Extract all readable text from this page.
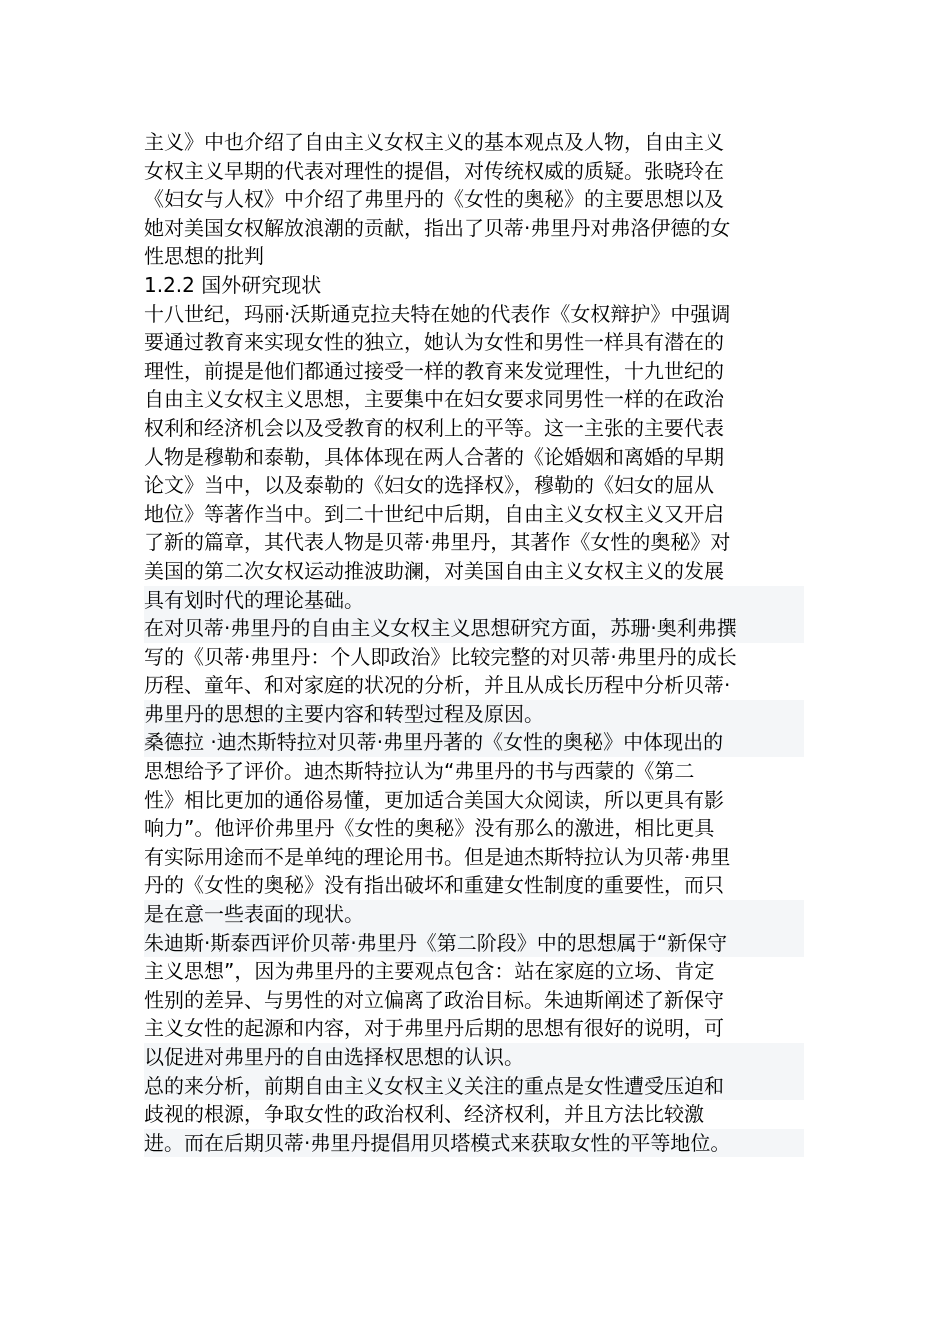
主义》中也介绍了自由主义女权主义的基本观点及人物，自由主义
女权主义早期的代表对理性的提倡，对传统权威的质疑。张晓玲在
《妇女与人权》中介绍了弗里丹的《女性的奥秘》的主要思想以及
她对美国女权解放浪潮的贡献，指出了贝蒂·弗里丹对弗洛伊德的女
性思想的批判
1.2.2 国外研究现状
十八世纪，玛丽·沃斯通克拉夫特在她的代表作《女权辩护》中强调
要通过教育来实现女性的独立，她认为女性和男性一样具有潜在的
理性，前提是他们都通过接受一样的教育来发觉理性，十九世纪的
自由主义女权主义思想，主要集中在妇女要求同男性一样的在政治
权利和经济机会以及受教育的权利上的平等。这一主张的主要代表
人物是穆勒和泰勒，具体体现在两人合著的《论婚姻和离婚的早期
论文》当中，以及泰勒的《妇女的选择权》，穆勒的《妇女的屈从
地位》等著作当中。到二十世纪中后期，自由主义女权主义又开启
了新的篇章，其代表人物是贝蒂·弗里丹，其著作《女性的奥秘》对
美国的第二次女权运动推波助澜，对美国自由主义女权主义的发展
具有划时代的理论基础。
在对贝蒂·弗里丹的自由主义女权主义思想研究方面，苏珊·奥利弗撰
写的《贝蒂·弗里丹：个人即政治》比较完整的对贝蒂·弗里丹的成长
历程、童年、和对家庭的状况的分析，并且从成长历程中分析贝蒂·
弗里丹的思想的主要内容和转型过程及原因。
桑德拉 ·迪杰斯特拉对贝蒂·弗里丹著的《女性的奥秘》中体现出的
思想给予了评价。迪杰斯特拉认为“弗里丹的书与西蒙的《第二
性》相比更加的通俗易懂，更加适合美国大众阅读，所以更具有影
响力”。他评价弗里丹《女性的奥秘》没有那么的激进，相比更具
有实际用途而不是单纯的理论用书。但是迪杰斯特拉认为贝蒂·弗里
丹的《女性的奥秘》没有指出破坏和重建女性制度的重要性，而只
是在意一些表面的现状。
朱迪斯·斯泰西评价贝蒂·弗里丹《第二阶段》中的思想属于“新保守
主义思想”，因为弗里丹的主要观点包含：站在家庭的立场、肯定
性别的差异、与男性的对立偏离了政治目标。朱迪斯阐述了新保守
主义女性的起源和内容，对于弗里丹后期的思想有很好的说明，可
以促进对弗里丹的自由选择权思想的认识。
总的来分析，前期自由主义女权主义关注的重点是女性遭受压迫和
歧视的根源，争取女性的政治权利、经济权利，并且方法比较激
进。而在后期贝蒂·弗里丹提倡用贝塔模式来获取女性的平等地位。
